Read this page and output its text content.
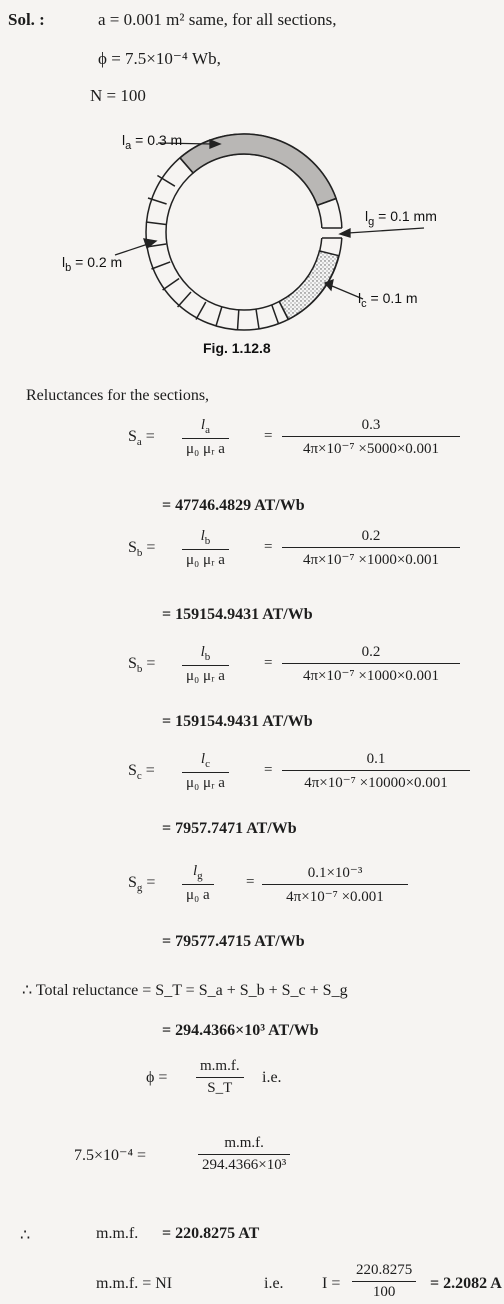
Sol. :	a = 0.001 m² same, for all sections,
ϕ = 7.5×10⁻⁴ Wb,
N = 100
$l_a = 0.3$ m
$l_g = 0.1$ mm
$l_b = 0.2$ m
$l_c = 0.1$ m
Fig. 1.12.8
Reluctances for the sections,
$S_a$ =
$l_a$
μ₀ μᵣ a
=
0.3
4π×10⁻⁷ ×5000×0.001
= 47746.4829 AT/Wb
$S_b$ =
$l_b$
μ₀ μᵣ a
=
0.2
4π×10⁻⁷ ×1000×0.001
= 159154.9431 AT/Wb
$S_b$ =
$l_b$
μ₀ μᵣ a
=
0.2
4π×10⁻⁷ ×1000×0.001
= 159154.9431 AT/Wb
$S_c$ =
$l_c$
μ₀ μᵣ a
=
0.1
4π×10⁻⁷ ×10000×0.001
= 7957.7471 AT/Wb
$S_g$ =
$l_g$
μ₀ a
=
0.1×10⁻³
4π×10⁻⁷ ×0.001
= 79577.4715 AT/Wb
∴ Total reluctance = S_T = S_a + S_b + S_c + S_g
= 294.4366×10³ AT/Wb
ϕ =
m.m.f.
S_T
i.e.
7.5×10⁻⁴ =
m.m.f.
294.4366×10³
∴	m.m.f. = 220.8275 AT
m.m.f. = NI	i.e. I =
220.8275
100 = 2.2082 A
